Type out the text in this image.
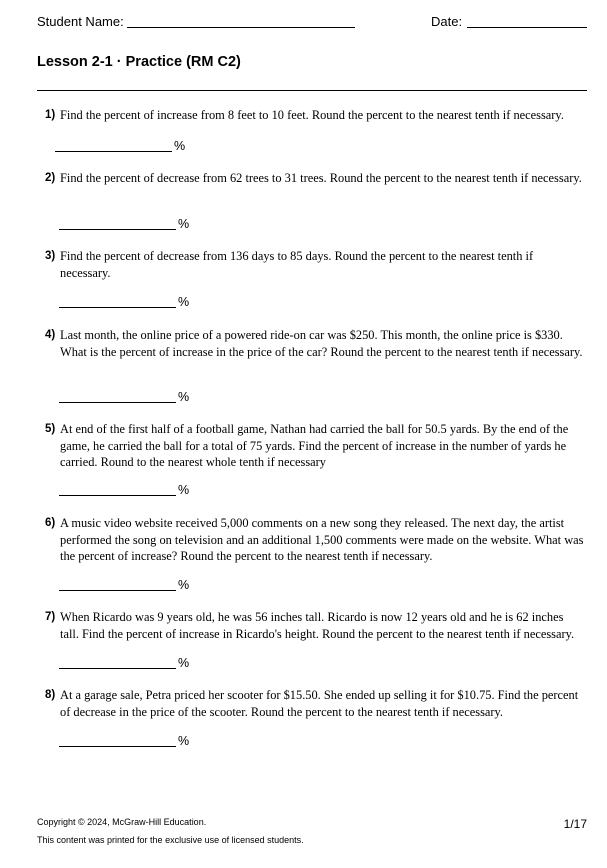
Student Name:	Date:
Lesson 2-1 · Practice (RM C2)
1) Find the percent of increase from 8 feet to 10 feet. Round the percent to the nearest tenth if necessary.
%
2) Find the percent of decrease from 62 trees to 31 trees. Round the percent to the nearest tenth if necessary.
%
3) Find the percent of decrease from 136 days to 85 days. Round the percent to the nearest tenth if necessary.
%
4) Last month, the online price of a powered ride-on car was $250. This month, the online price is $330. What is the percent of increase in the price of the car? Round the percent to the nearest tenth if necessary.
%
5) At end of the first half of a football game, Nathan had carried the ball for 50.5 yards. By the end of the game, he carried the ball for a total of 75 yards. Find the percent of increase in the number of yards he carried. Round to the nearest whole tenth if necessary
%
6) A music video website received 5,000 comments on a new song they released. The next day, the artist performed the song on television and an additional 1,500 comments were made on the website. What was the percent of increase? Round the percent to the nearest tenth if necessary.
%
7) When Ricardo was 9 years old, he was 56 inches tall. Ricardo is now 12 years old and he is 62 inches tall. Find the percent of increase in Ricardo's height. Round the percent to the nearest tenth if necessary.
%
8) At a garage sale, Petra priced her scooter for $15.50. She ended up selling it for $10.75. Find the percent of decrease in the price of the scooter. Round the percent to the nearest tenth if necessary.
%
Copyright © 2024, McGraw-Hill Education.
This content was printed for the exclusive use of licensed students.
1/17
